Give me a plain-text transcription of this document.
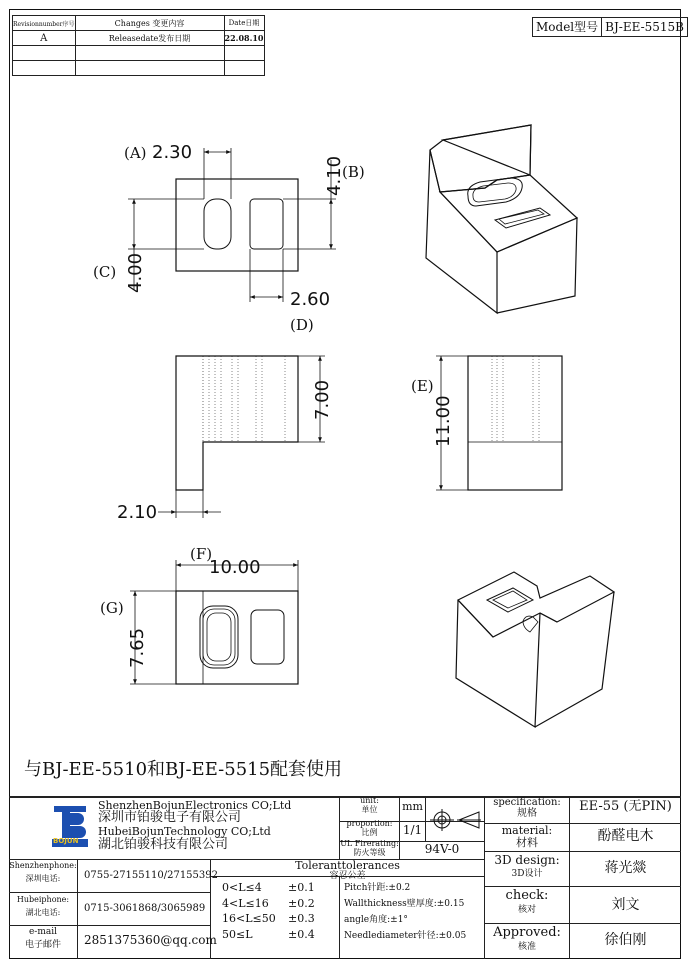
Revisionnumber序号	Changes 变更内容	Date日期
A	Releasedate发布日期	22.08.10

Model型号 BJ-EE-5515B
(A) 2.30
(B)
4.10
(C) 4.00
2.60
(D)
7.00
2.10
(E)
11.00
(F)
10.00
(G)
7.65
与BJ-EE-5510和BJ-EE-5515配套使用
BOJUN
ShenzhenBojunElectronics CO;Ltd
深圳市铂骏电子有限公司
HubeiBojunTechnology CO;Ltd
湖北铂骏科技有限公司
unit:
单位	mm
proportion:
比例	1/1
UL Firerating:
防火等级	94V-0
specification:
规格	EE-55 (无PIN)
material:
材料	酚醛电木
3D design:
3D设计	蒋光燚
check:
核对	刘文
Approved:
核准	徐伯刚
Shenzhenphone:
深圳电话:	0755-27155110/27155392
Hubeiphone:
湖北电话:	0715-3061868/3065989
e-mail
电子邮件	2851375360@qq.com
Toleranttolerances
容忍公差
0<L≤4 ±0.1
4<L≤16 ±0.2
16<L≤50 ±0.3
50≤L	±0.4
Pitch针距:±0.2
Wallthickness壁厚度:±0.15
angle角度:±1°
Needlediameter针径:±0.05
